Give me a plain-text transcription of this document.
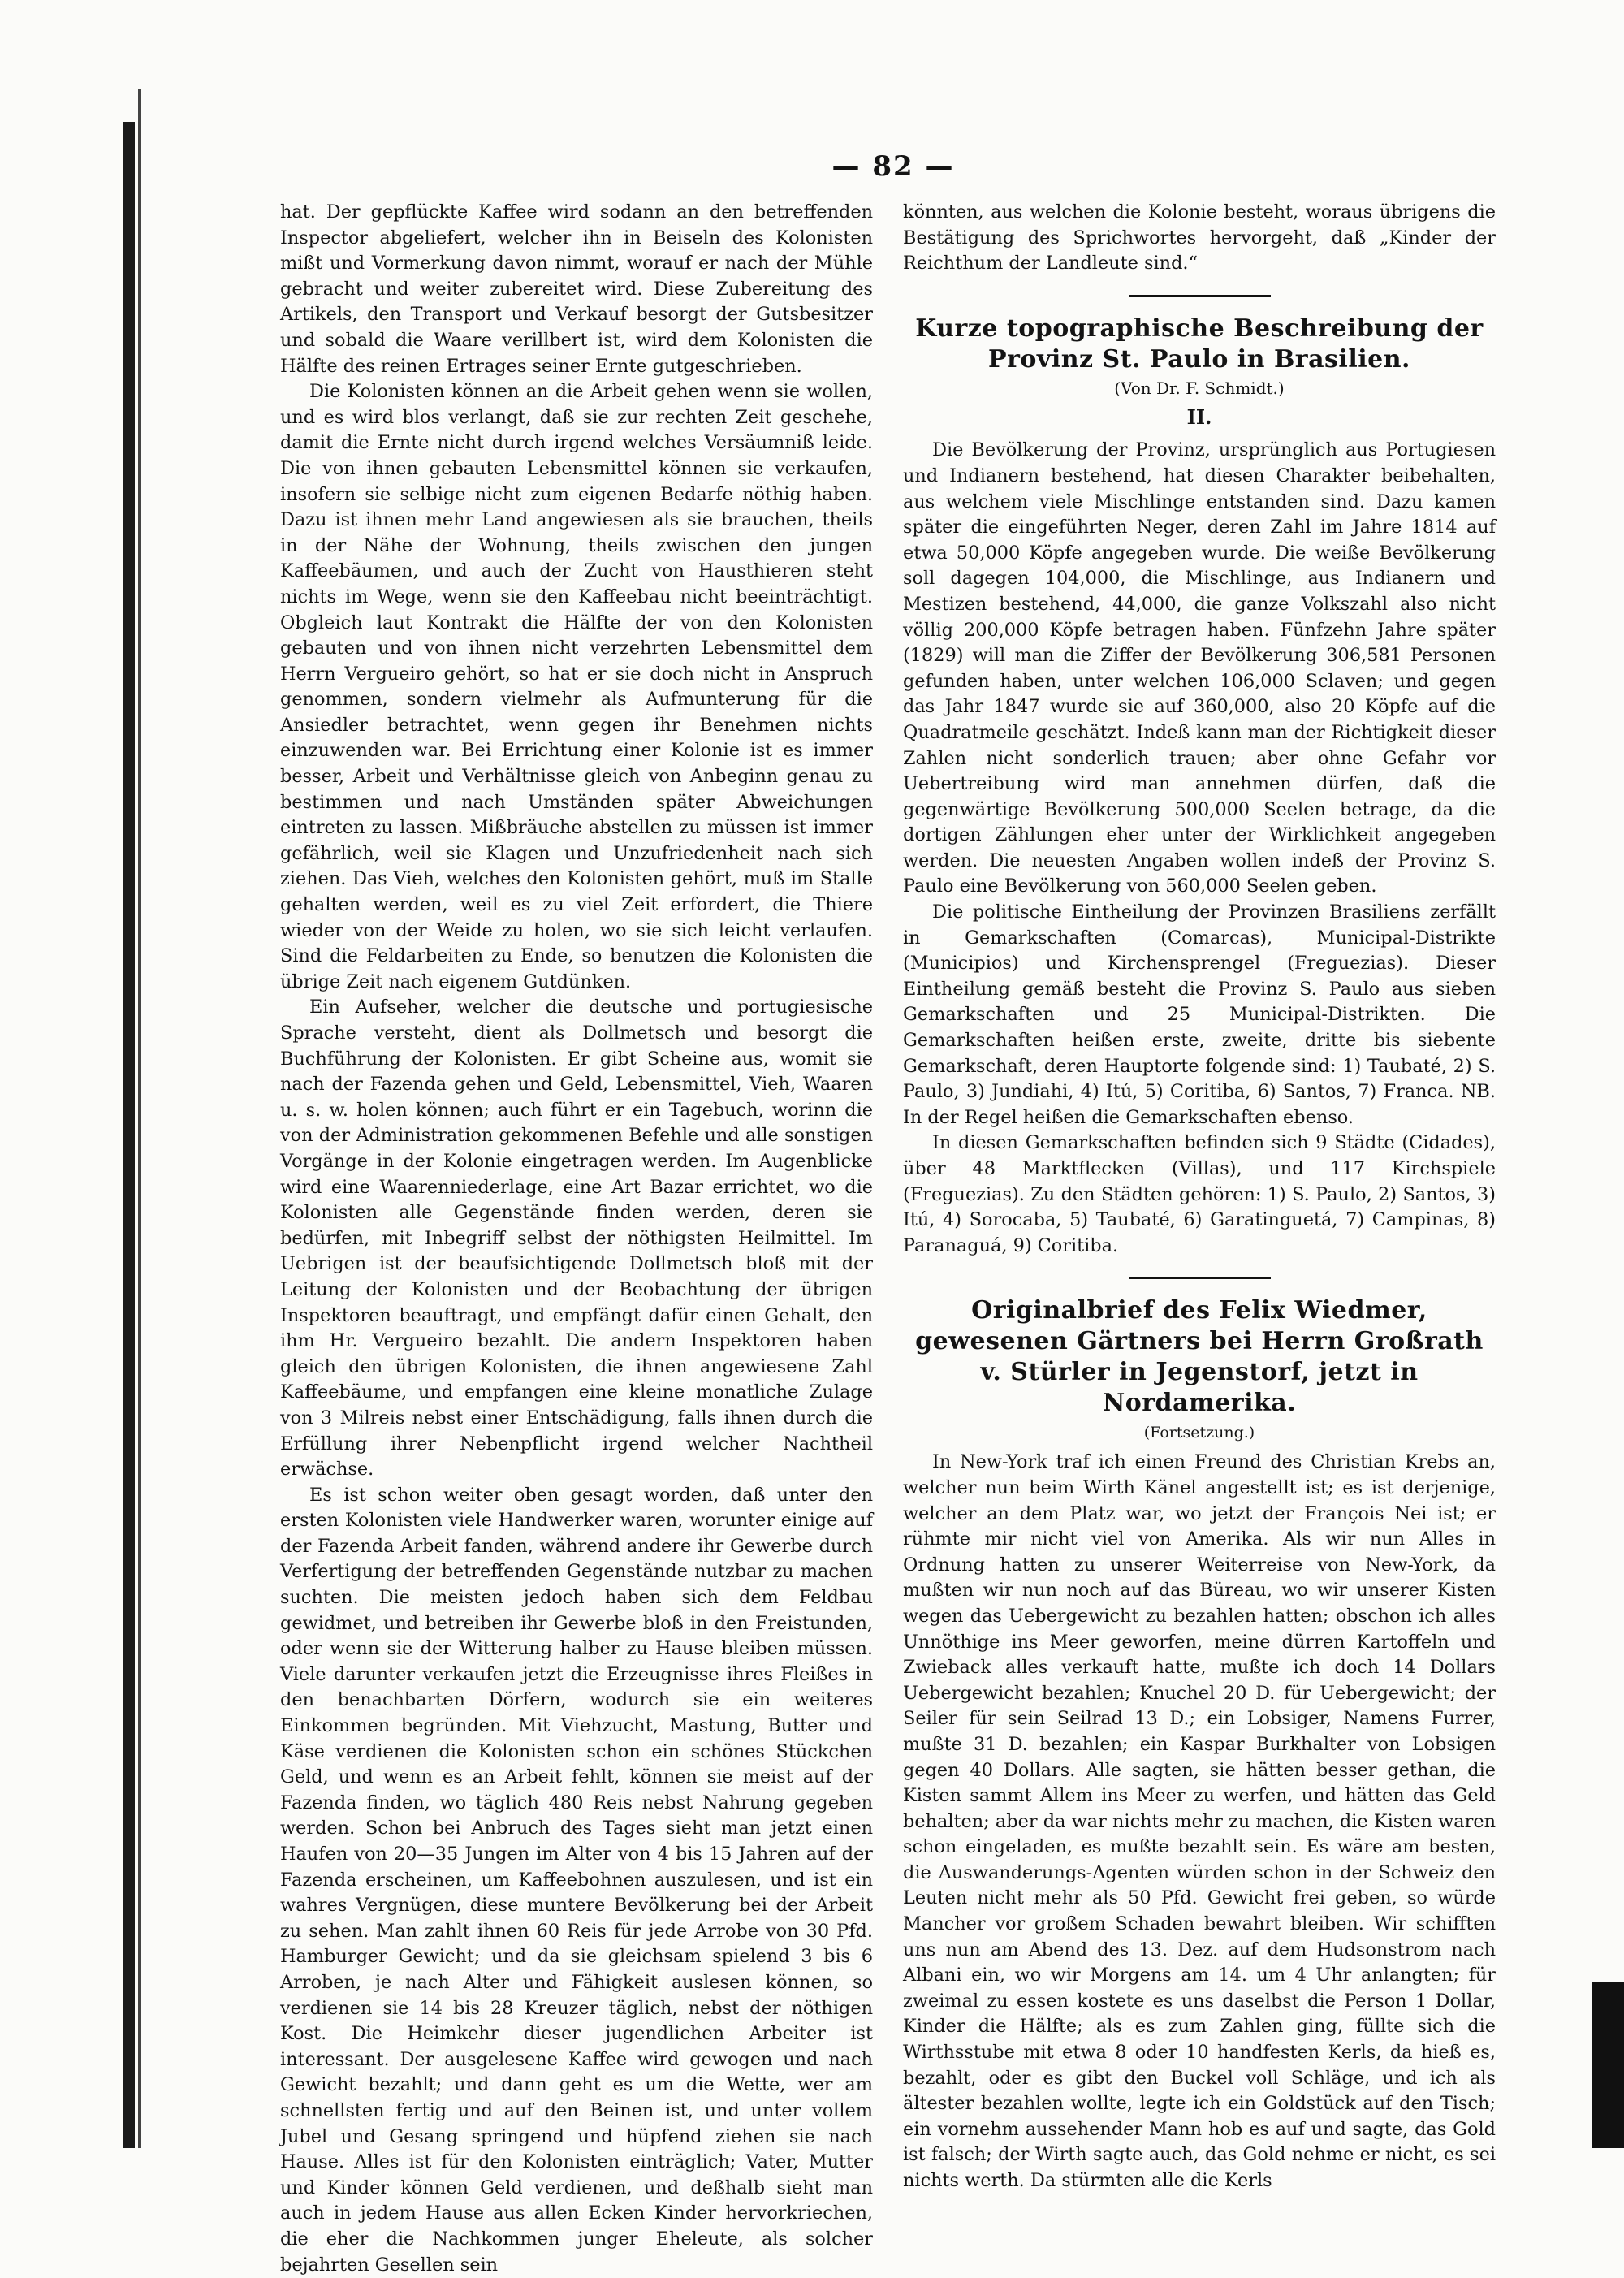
— 82 —

hat. Der gepflückte Kaffee wird sodann an den betreffenden Inspector abgeliefert, welcher ihn in Beiseln des Kolonisten mißt und Vormerkung davon nimmt, worauf er nach der Mühle gebracht und weiter zubereitet wird. Diese Zubereitung des Artikels, den Transport und Verkauf besorgt der Gutsbesitzer und sobald die Waare verillbert ist, wird dem Kolonisten die Hälfte des reinen Ertrages seiner Ernte gutgeschrieben.

Die Kolonisten können an die Arbeit gehen wenn sie wollen, und es wird blos verlangt, daß sie zur rechten Zeit geschehe, damit die Ernte nicht durch irgend welches Versäumniß leide. Die von ihnen gebauten Lebensmittel können sie verkaufen, insofern sie selbige nicht zum eigenen Bedarfe nöthig haben. Dazu ist ihnen mehr Land angewiesen als sie brauchen, theils in der Nähe der Wohnung, theils zwischen den jungen Kaffeebäumen, und auch der Zucht von Hausthieren steht nichts im Wege, wenn sie den Kaffeebau nicht beeinträchtigt. Obgleich laut Kontrakt die Hälfte der von den Kolonisten gebauten und von ihnen nicht verzehrten Lebensmittel dem Herrn Vergueiro gehört, so hat er sie doch nicht in Anspruch genommen, sondern vielmehr als Aufmunterung für die Ansiedler betrachtet, wenn gegen ihr Benehmen nichts einzuwenden war. Bei Errichtung einer Kolonie ist es immer besser, Arbeit und Verhältnisse gleich von Anbeginn genau zu bestimmen und nach Umständen später Abweichungen eintreten zu lassen. Mißbräuche abstellen zu müssen ist immer gefährlich, weil sie Klagen und Unzufriedenheit nach sich ziehen. Das Vieh, welches den Kolonisten gehört, muß im Stalle gehalten werden, weil es zu viel Zeit erfordert, die Thiere wieder von der Weide zu holen, wo sie sich leicht verlaufen. Sind die Feldarbeiten zu Ende, so benutzen die Kolonisten die übrige Zeit nach eigenem Gutdünken.

Ein Aufseher, welcher die deutsche und portugiesische Sprache versteht, dient als Dollmetsch und besorgt die Buchführung der Kolonisten. Er gibt Scheine aus, womit sie nach der Fazenda gehen und Geld, Lebensmittel, Vieh, Waaren u. s. w. holen können; auch führt er ein Tagebuch, worinn die von der Administration gekommenen Befehle und alle sonstigen Vorgänge in der Kolonie eingetragen werden. Im Augenblicke wird eine Waarenniederlage, eine Art Bazar errichtet, wo die Kolonisten alle Gegenstände finden werden, deren sie bedürfen, mit Inbegriff selbst der nöthigsten Heilmittel. Im Uebrigen ist der beaufsichtigende Dollmetsch bloß mit der Leitung der Kolonisten und der Beobachtung der übrigen Inspektoren beauftragt, und empfängt dafür einen Gehalt, den ihm Hr. Vergueiro bezahlt. Die andern Inspektoren haben gleich den übrigen Kolonisten, die ihnen angewiesene Zahl Kaffeebäume, und empfangen eine kleine monatliche Zulage von 3 Milreis nebst einer Entschädigung, falls ihnen durch die Erfüllung ihrer Nebenpflicht irgend welcher Nachtheil erwächse.

Es ist schon weiter oben gesagt worden, daß unter den ersten Kolonisten viele Handwerker waren, worunter einige auf der Fazenda Arbeit fanden, während andere ihr Gewerbe durch Verfertigung der betreffenden Gegenstände nutzbar zu machen suchten. Die meisten jedoch haben sich dem Feldbau gewidmet, und betreiben ihr Gewerbe bloß in den Freistunden, oder wenn sie der Witterung halber zu Hause bleiben müssen. Viele darunter verkaufen jetzt die Erzeugnisse ihres Fleißes in den benachbarten Dörfern, wodurch sie ein weiteres Einkommen begründen. Mit Viehzucht, Mastung, Butter und Käse verdienen die Kolonisten schon ein schönes Stückchen Geld, und wenn es an Arbeit fehlt, können sie meist auf der Fazenda finden, wo täglich 480 Reis nebst Nahrung gegeben werden. Schon bei Anbruch des Tages sieht man jetzt einen Haufen von 20—35 Jungen im Alter von 4 bis 15 Jahren auf der Fazenda erscheinen, um Kaffeebohnen auszulesen, und ist ein wahres Vergnügen, diese muntere Bevölkerung bei der Arbeit zu sehen. Man zahlt ihnen 60 Reis für jede Arrobe von 30 Pfd. Hamburger Gewicht; und da sie gleichsam spielend 3 bis 6 Arroben, je nach Alter und Fähigkeit auslesen können, so verdienen sie 14 bis 28 Kreuzer täglich, nebst der nöthigen Kost. Die Heimkehr dieser jugendlichen Arbeiter ist interessant. Der ausgelesene Kaffee wird gewogen und nach Gewicht bezahlt; und dann geht es um die Wette, wer am schnellsten fertig und auf den Beinen ist, und unter vollem Jubel und Gesang springend und hüpfend ziehen sie nach Hause. Alles ist für den Kolonisten einträglich; Vater, Mutter und Kinder können Geld verdienen, und deßhalb sieht man auch in jedem Hause aus allen Ecken Kinder hervorkriechen, die eher die Nachkommen junger Eheleute, als solcher bejahrten Gesellen sein

könnten, aus welchen die Kolonie besteht, woraus übrigens die Bestätigung des Sprichwortes hervorgeht, daß „Kinder der Reichthum der Landleute sind.“

Kurze topographische Beschreibung der Provinz St. Paulo in Brasilien.
(Von Dr. F. Schmidt.)
II.

Die Bevölkerung der Provinz, ursprünglich aus Portugiesen und Indianern bestehend, hat diesen Charakter beibehalten, aus welchem viele Mischlinge entstanden sind. Dazu kamen später die eingeführten Neger, deren Zahl im Jahre 1814 auf etwa 50,000 Köpfe angegeben wurde. Die weiße Bevölkerung soll dagegen 104,000, die Mischlinge, aus Indianern und Mestizen bestehend, 44,000, die ganze Volkszahl also nicht völlig 200,000 Köpfe betragen haben. Fünfzehn Jahre später (1829) will man die Ziffer der Bevölkerung 306,581 Personen gefunden haben, unter welchen 106,000 Sclaven; und gegen das Jahr 1847 wurde sie auf 360,000, also 20 Köpfe auf die Quadratmeile geschätzt. Indeß kann man der Richtigkeit dieser Zahlen nicht sonderlich trauen; aber ohne Gefahr vor Uebertreibung wird man annehmen dürfen, daß die gegenwärtige Bevölkerung 500,000 Seelen betrage, da die dortigen Zählungen eher unter der Wirklichkeit angegeben werden. Die neuesten Angaben wollen indeß der Provinz S. Paulo eine Bevölkerung von 560,000 Seelen geben.

Die politische Eintheilung der Provinzen Brasiliens zerfällt in Gemarkschaften (Comarcas), Municipal-Distrikte (Municipios) und Kirchensprengel (Freguezias). Dieser Eintheilung gemäß besteht die Provinz S. Paulo aus sieben Gemarkschaften und 25 Municipal-Distrikten. Die Gemarkschaften heißen erste, zweite, dritte bis siebente Gemarkschaft, deren Hauptorte folgende sind: 1) Taubaté, 2) S. Paulo, 3) Jundiahi, 4) Itú, 5) Coritiba, 6) Santos, 7) Franca. NB. In der Regel heißen die Gemarkschaften ebenso.

In diesen Gemarkschaften befinden sich 9 Städte (Cidades), über 48 Marktflecken (Villas), und 117 Kirchspiele (Freguezias). Zu den Städten gehören: 1) S. Paulo, 2) Santos, 3) Itú, 4) Sorocaba, 5) Taubaté, 6) Garatinguetá, 7) Campinas, 8) Paranaguá, 9) Coritiba.

Originalbrief des Felix Wiedmer, gewesenen Gärtners bei Herrn Großrath v. Stürler in Jegenstorf, jetzt in Nordamerika.
(Fortsetzung.)

In New-York traf ich einen Freund des Christian Krebs an, welcher nun beim Wirth Känel angestellt ist; es ist derjenige, welcher an dem Platz war, wo jetzt der François Nei ist; er rühmte mir nicht viel von Amerika. Als wir nun Alles in Ordnung hatten zu unserer Weiterreise von New-York, da mußten wir nun noch auf das Büreau, wo wir unserer Kisten wegen das Uebergewicht zu bezahlen hatten; obschon ich alles Unnöthige ins Meer geworfen, meine dürren Kartoffeln und Zwieback alles verkauft hatte, mußte ich doch 14 Dollars Uebergewicht bezahlen; Knuchel 20 D. für Uebergewicht; der Seiler für sein Seilrad 13 D.; ein Lobsiger, Namens Furrer, mußte 31 D. bezahlen; ein Kaspar Burkhalter von Lobsigen gegen 40 Dollars. Alle sagten, sie hätten besser gethan, die Kisten sammt Allem ins Meer zu werfen, und hätten das Geld behalten; aber da war nichts mehr zu machen, die Kisten waren schon eingeladen, es mußte bezahlt sein. Es wäre am besten, die Auswanderungs-Agenten würden schon in der Schweiz den Leuten nicht mehr als 50 Pfd. Gewicht frei geben, so würde Mancher vor großem Schaden bewahrt bleiben. Wir schifften uns nun am Abend des 13. Dez. auf dem Hudsonstrom nach Albani ein, wo wir Morgens am 14. um 4 Uhr anlangten; für zweimal zu essen kostete es uns daselbst die Person 1 Dollar, Kinder die Hälfte; als es zum Zahlen ging, füllte sich die Wirthsstube mit etwa 8 oder 10 handfesten Kerls, da hieß es, bezahlt, oder es gibt den Buckel voll Schläge, und ich als ältester bezahlen wollte, legte ich ein Goldstück auf den Tisch; ein vornehm aussehender Mann hob es auf und sagte, das Gold ist falsch; der Wirth sagte auch, das Gold nehme er nicht, es sei nichts werth. Da stürmten alle die Kerls
